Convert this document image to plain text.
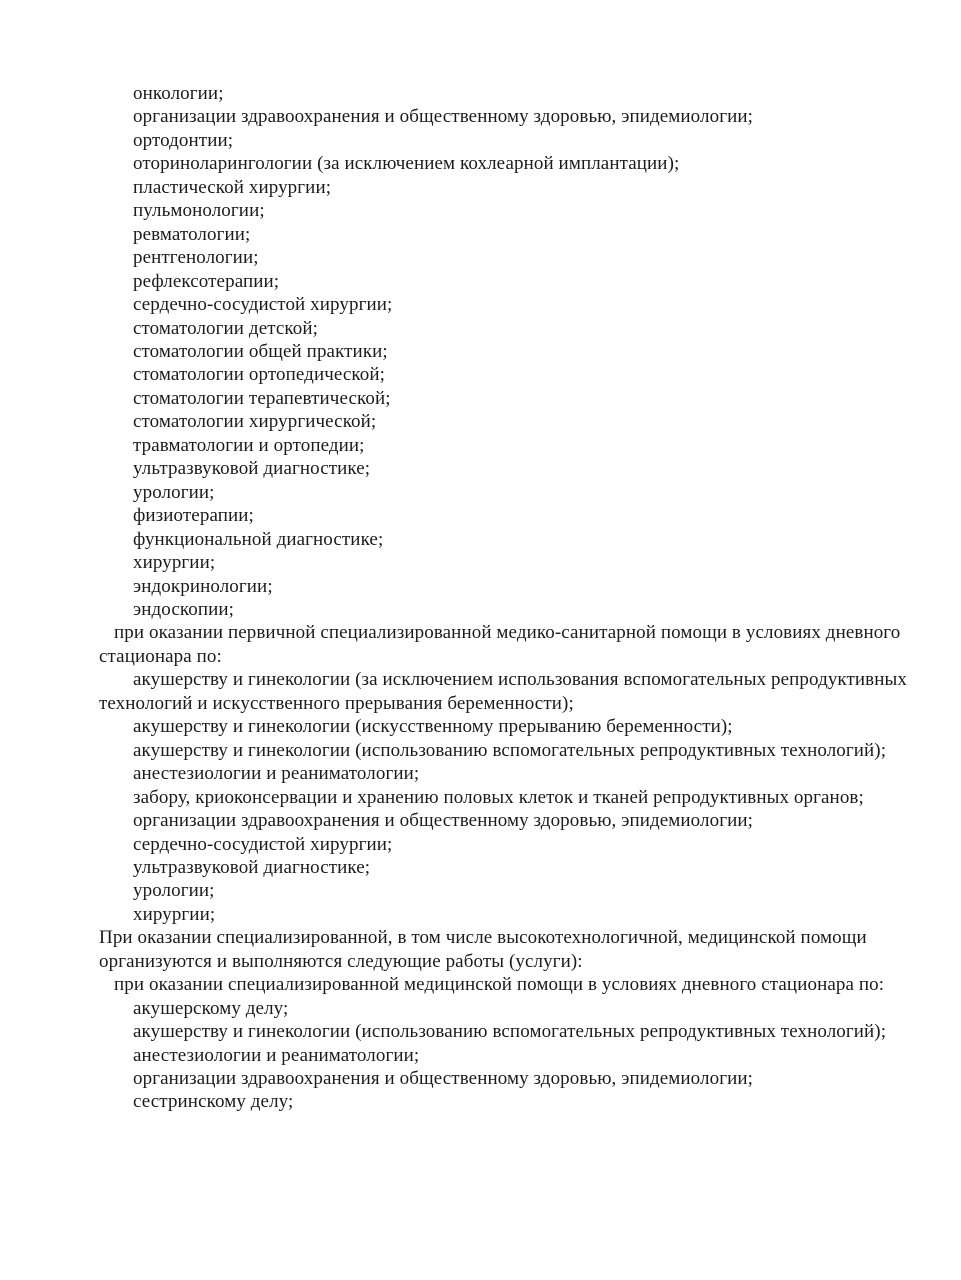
онкологии;

организации здравоохранения и общественному здоровью, эпидемиологии;

ортодонтии;

оториноларингологии (за исключением кохлеарной имплантации);

пластической хирургии;

пульмонологии;

ревматологии;

рентгенологии;

рефлексотерапии;

сердечно-сосудистой хирургии;

стоматологии детской;

стоматологии общей практики;

стоматологии ортопедической;

стоматологии терапевтической;

стоматологии хирургической;

травматологии и ортопедии;

ультразвуковой диагностике;

урологии;

физиотерапии;

функциональной диагностике;

хирургии;

эндокринологии;

эндоскопии;

при оказании первичной специализированной медико-санитарной помощи в условиях дневного стационара по:

акушерству и гинекологии (за исключением использования вспомогательных репродуктивных технологий и искусственного прерывания беременности);

акушерству и гинекологии (искусственному прерыванию беременности);

акушерству и гинекологии (использованию вспомогательных репродуктивных технологий);

анестезиологии и реаниматологии;

забору, криоконсервации и хранению половых клеток и тканей репродуктивных органов;

организации здравоохранения и общественному здоровью, эпидемиологии;

сердечно-сосудистой хирургии;

ультразвуковой диагностике;

урологии;

хирургии;

При оказании специализированной, в том числе высокотехнологичной, медицинской помощи организуются и выполняются следующие работы (услуги):

при оказании специализированной медицинской помощи в условиях дневного стационара по:

акушерскому делу;

акушерству и гинекологии (использованию вспомогательных репродуктивных технологий);

анестезиологии и реаниматологии;

организации здравоохранения и общественному здоровью, эпидемиологии;

сестринскому делу;
